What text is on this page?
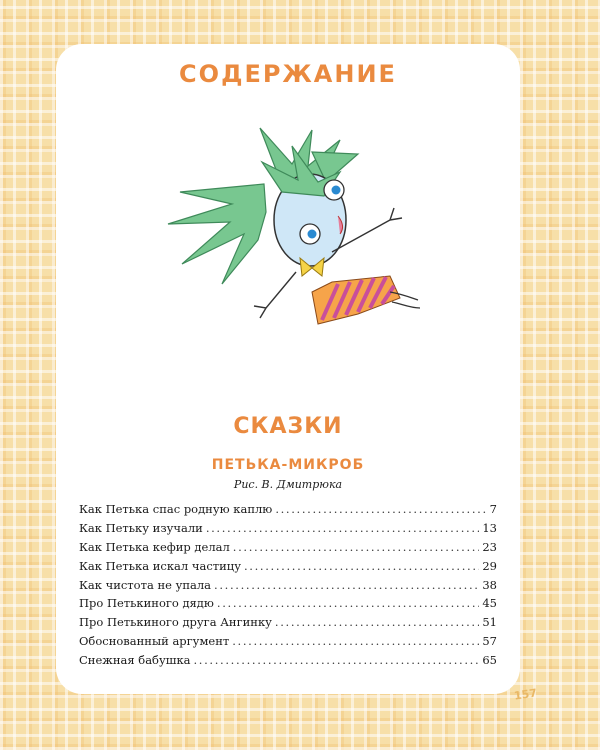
СОДЕРЖАНИЕ
СКАЗКИ
ПЕТЬКА-МИКРОБ
Рис. В. Дмитрюка
Как Петька спас родную каплю . . .	7
Как Петьку изучали . . .	13
Как Петька кефир делал . . .	23
Как Петька искал частицу . . .	29
Как чистота не упала . . .	38
Про Петькиного дядю . . .	45
Про Петькиного друга Ангинку . . .	51
Обоснованный аргумент . . .	57
Снежная бабушка . . .	65
157
